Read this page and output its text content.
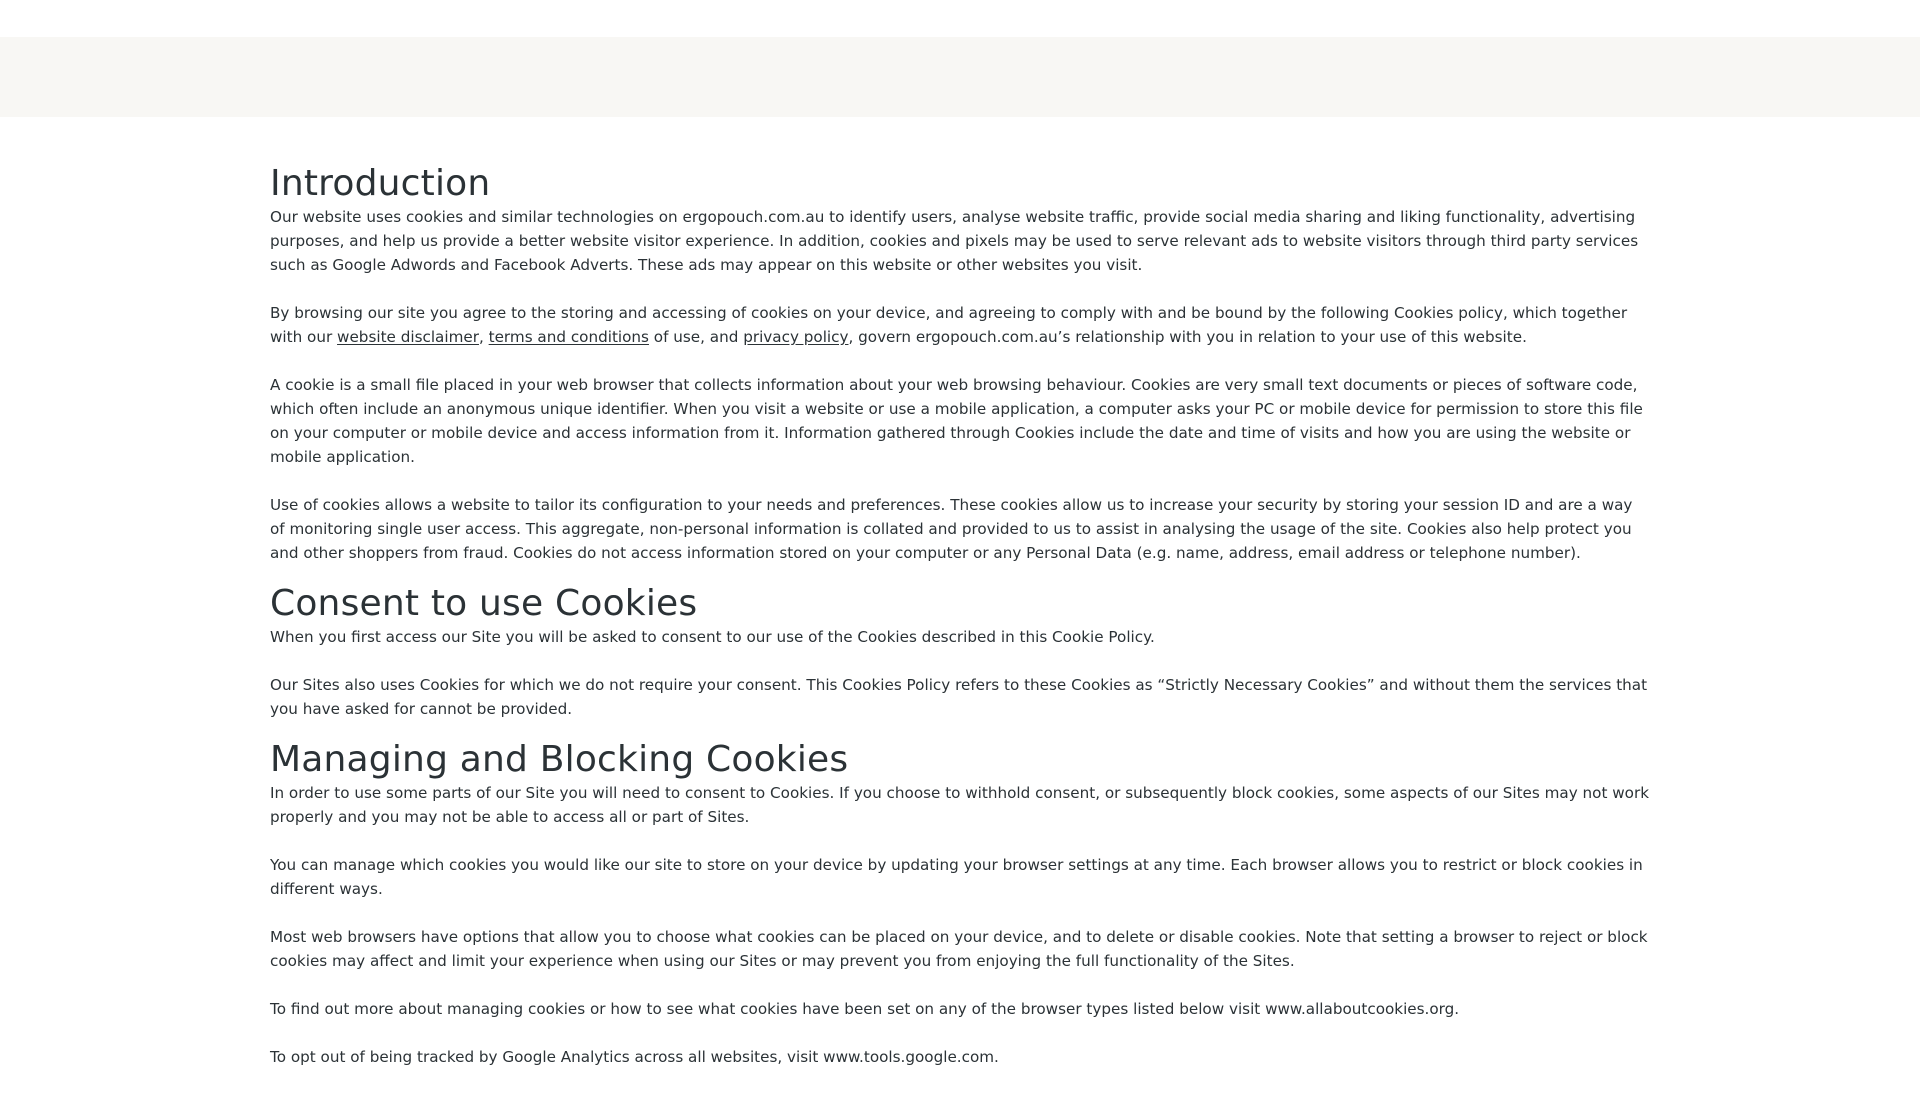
Introduction

Our website uses cookies and similar technologies on ergopouch.com.au to identify users, analyse website traffic, provide social media sharing and liking functionality, advertising purposes, and help us provide a better website visitor experience. In addition, cookies and pixels may be used to serve relevant ads to website visitors through third party services such as Google Adwords and Facebook Adverts. These ads may appear on this website or other websites you visit.

By browsing our site you agree to the storing and accessing of cookies on your device, and agreeing to comply with and be bound by the following Cookies policy, which together with our website disclaimer, terms and conditions of use, and privacy policy, govern ergopouch.com.au’s relationship with you in relation to your use of this website.

A cookie is a small file placed in your web browser that collects information about your web browsing behaviour. Cookies are very small text documents or pieces of software code, which often include an anonymous unique identifier. When you visit a website or use a mobile application, a computer asks your PC or mobile device for permission to store this file on your computer or mobile device and access information from it. Information gathered through Cookies include the date and time of visits and how you are using the website or mobile application.

Use of cookies allows a website to tailor its configuration to your needs and preferences. These cookies allow us to increase your security by storing your session ID and are a way of monitoring single user access. This aggregate, non-personal information is collated and provided to us to assist in analysing the usage of the site. Cookies also help protect you and other shoppers from fraud. Cookies do not access information stored on your computer or any Personal Data (e.g. name, address, email address or telephone number).

Consent to use Cookies

When you first access our Site you will be asked to consent to our use of the Cookies described in this Cookie Policy.

Our Sites also uses Cookies for which we do not require your consent. This Cookies Policy refers to these Cookies as “Strictly Necessary Cookies” and without them the services that you have asked for cannot be provided.

Managing and Blocking Cookies

In order to use some parts of our Site you will need to consent to Cookies. If you choose to withhold consent, or subsequently block cookies, some aspects of our Sites may not work properly and you may not be able to access all or part of Sites.

You can manage which cookies you would like our site to store on your device by updating your browser settings at any time. Each browser allows you to restrict or block cookies in different ways.

Most web browsers have options that allow you to choose what cookies can be placed on your device, and to delete or disable cookies. Note that setting a browser to reject or block cookies may affect and limit your experience when using our Sites or may prevent you from enjoying the full functionality of the Sites.

To find out more about managing cookies or how to see what cookies have been set on any of the browser types listed below visit www.allaboutcookies.org.

To opt out of being tracked by Google Analytics across all websites, visit www.tools.google.com.
